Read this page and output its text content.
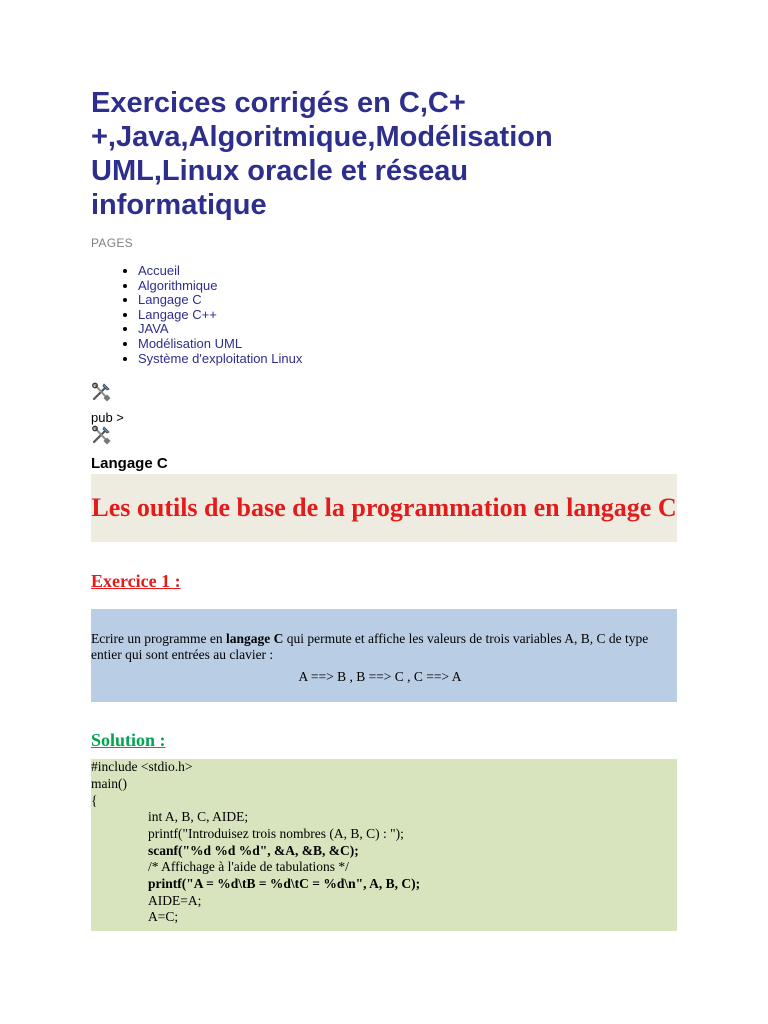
Exercices corrigés en C,C+ +,Java,Algoritmique,Modélisation UML,Linux oracle et réseau informatique
PAGES
• Accueil
• Algorithmique
• Langage C
• Langage C++
• JAVA
• Modélisation UML
• Système d'exploitation Linux
pub >
Langage C
Les outils de base de la programmation en langage C
Exercice 1 :
Ecrire un programme en langage C qui permute et affiche les valeurs de trois variables A, B, C de type entier qui sont entrées au clavier :
A ==> B , B ==> C , C ==> A
Solution :
#include <stdio.h>
main()
{
int A, B, C, AIDE;
printf("Introduisez trois nombres (A, B, C) : ");
scanf("%d %d %d", &A, &B, &C);
/* Affichage à l'aide de tabulations */
printf("A = %d\tB = %d\tC = %d\n", A, B, C);
AIDE=A;
A=C;
